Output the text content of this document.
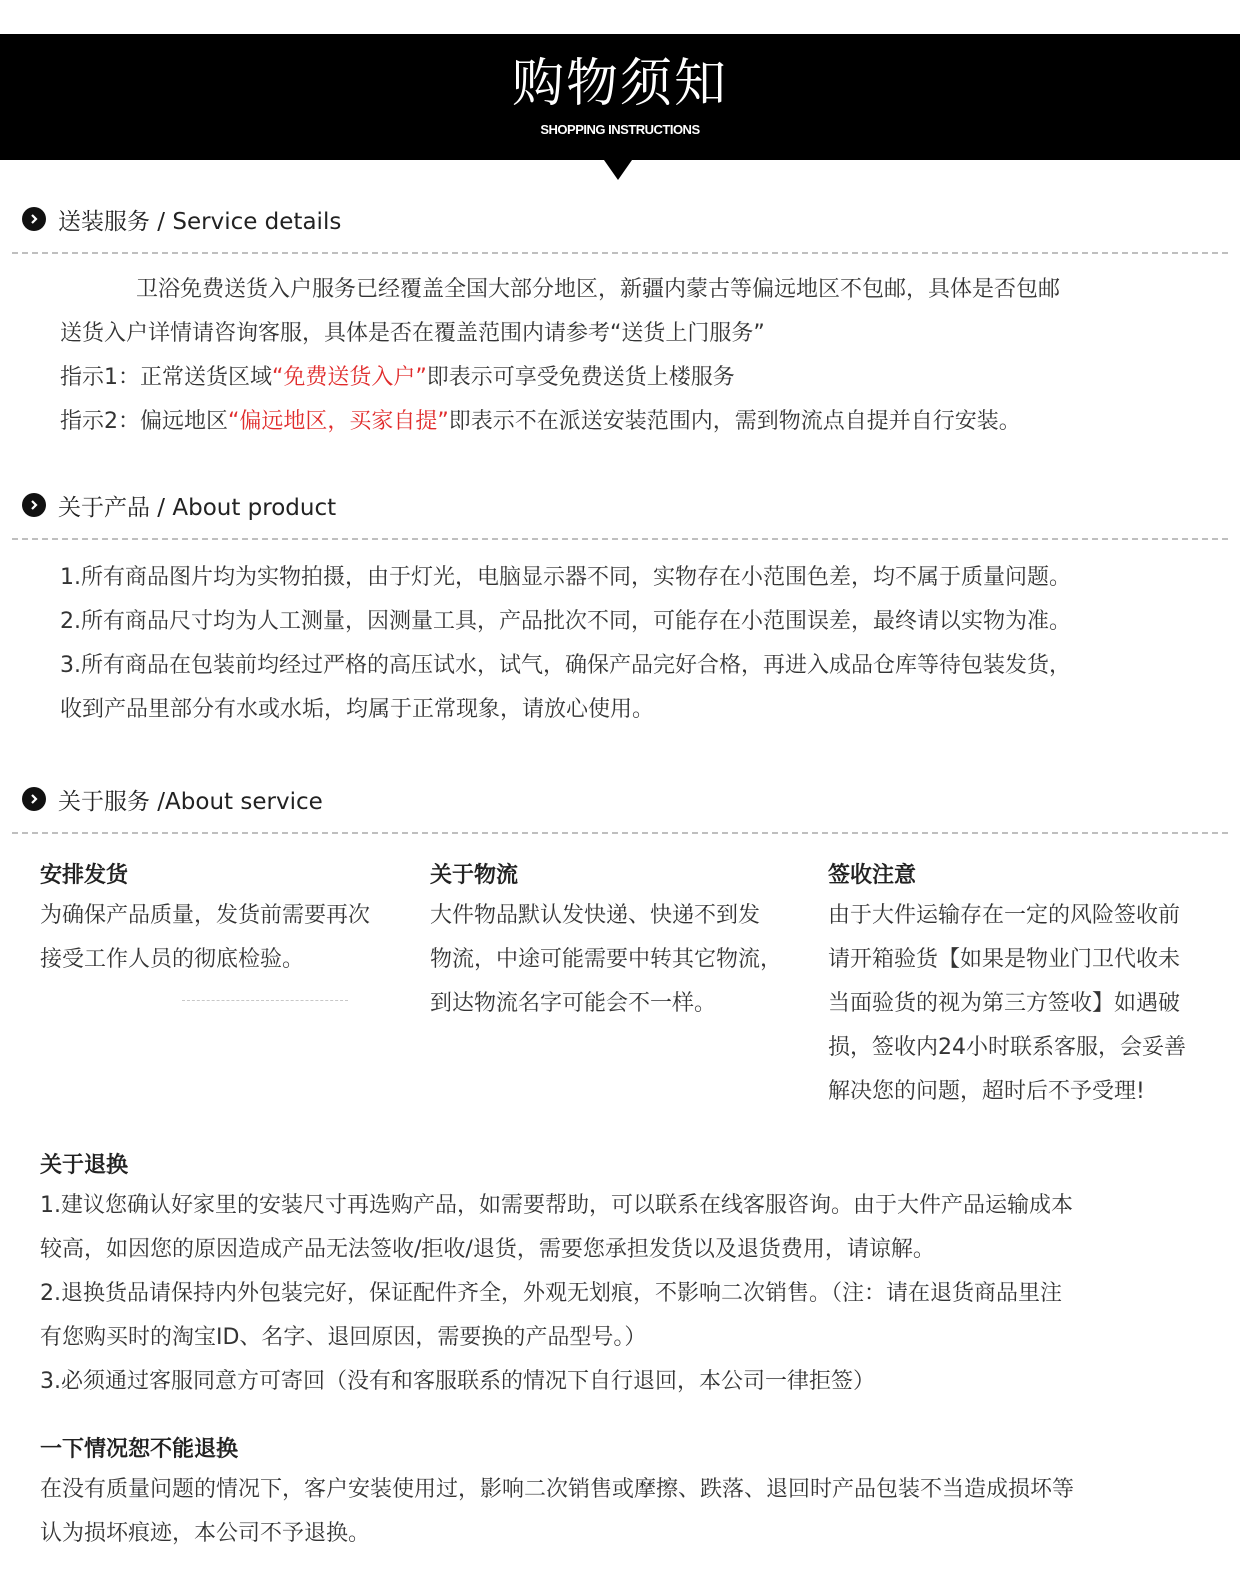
购物须知
SHOPPING INSTRUCTIONS
送装服务 / Service details
卫浴免费送货入户服务已经覆盖全国大部分地区，新疆内蒙古等偏远地区不包邮，具体是否包邮
送货入户详情请咨询客服，具体是否在覆盖范围内请参考“送货上门服务”
指示1：正常送货区域“免费送货入户”即表示可享受免费送货上楼服务
指示2：偏远地区“偏远地区，买家自提”即表示不在派送安装范围内，需到物流点自提并自行安装。
关于产品 / About product
1.所有商品图片均为实物拍摄，由于灯光，电脑显示器不同，实物存在小范围色差，均不属于质量问题。
2.所有商品尺寸均为人工测量，因测量工具，产品批次不同，可能存在小范围误差，最终请以实物为准。
3.所有商品在包装前均经过严格的高压试水，试气，确保产品完好合格，再进入成品仓库等待包装发货，
收到产品里部分有水或水垢，均属于正常现象，请放心使用。
关于服务 /About service
安排发货
为确保产品质量，发货前需要再次
接受工作人员的彻底检验。
关于物流
大件物品默认发快递、快递不到发
物流，中途可能需要中转其它物流，
到达物流名字可能会不一样。
签收注意
由于大件运输存在一定的风险签收前
请开箱验货【如果是物业门卫代收未
当面验货的视为第三方签收】如遇破
损，签收内24小时联系客服，会妥善
解决您的问题，超时后不予受理!
关于退换
1.建议您确认好家里的安装尺寸再选购产品，如需要帮助，可以联系在线客服咨询。由于大件产品运输成本
较高，如因您的原因造成产品无法签收/拒收/退货，需要您承担发货以及退货费用，请谅解。
2.退换货品请保持内外包装完好，保证配件齐全，外观无划痕，不影响二次销售。（注：请在退货商品里注
有您购买时的淘宝ID、名字、退回原因，需要换的产品型号。）
3.必须通过客服同意方可寄回（没有和客服联系的情况下自行退回，本公司一律拒签）
一下情况恕不能退换
在没有质量问题的情况下，客户安装使用过，影响二次销售或摩擦、跌落、退回时产品包装不当造成损坏等
认为损坏痕迹，本公司不予退换。
